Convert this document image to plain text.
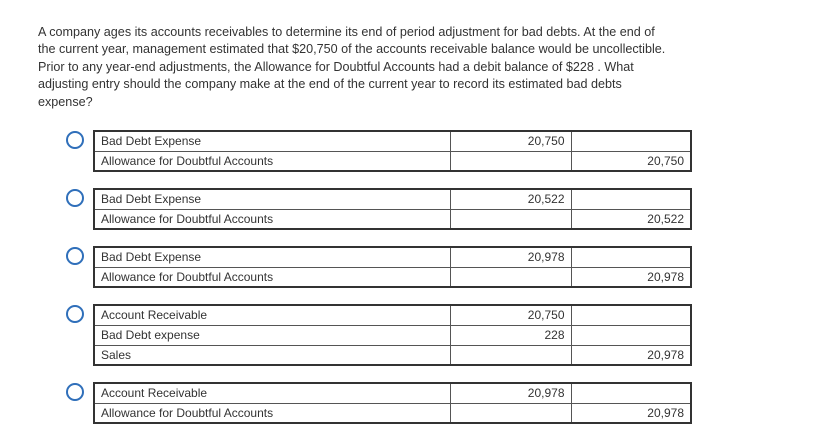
A company ages its accounts receivables to determine its end of period adjustment for bad debts. At the end of the current year, management estimated that $20,750 of the accounts receivable balance would be uncollectible. Prior to any year-end adjustments, the Allowance for Doubtful Accounts had a debit balance of $228 . What adjusting entry should the company make at the end of the current year to record its estimated bad debts expense?

Bad Debt Expense	20,750	
Allowance for Doubtful Accounts		20,750
Bad Debt Expense	20,522	
Allowance for Doubtful Accounts		20,522
Bad Debt Expense	20,978	
Allowance for Doubtful Accounts		20,978
Account Receivable	20,750	
Bad Debt expense	228	
Sales		20,978
Account Receivable	20,978	
Allowance for Doubtful Accounts		20,978
